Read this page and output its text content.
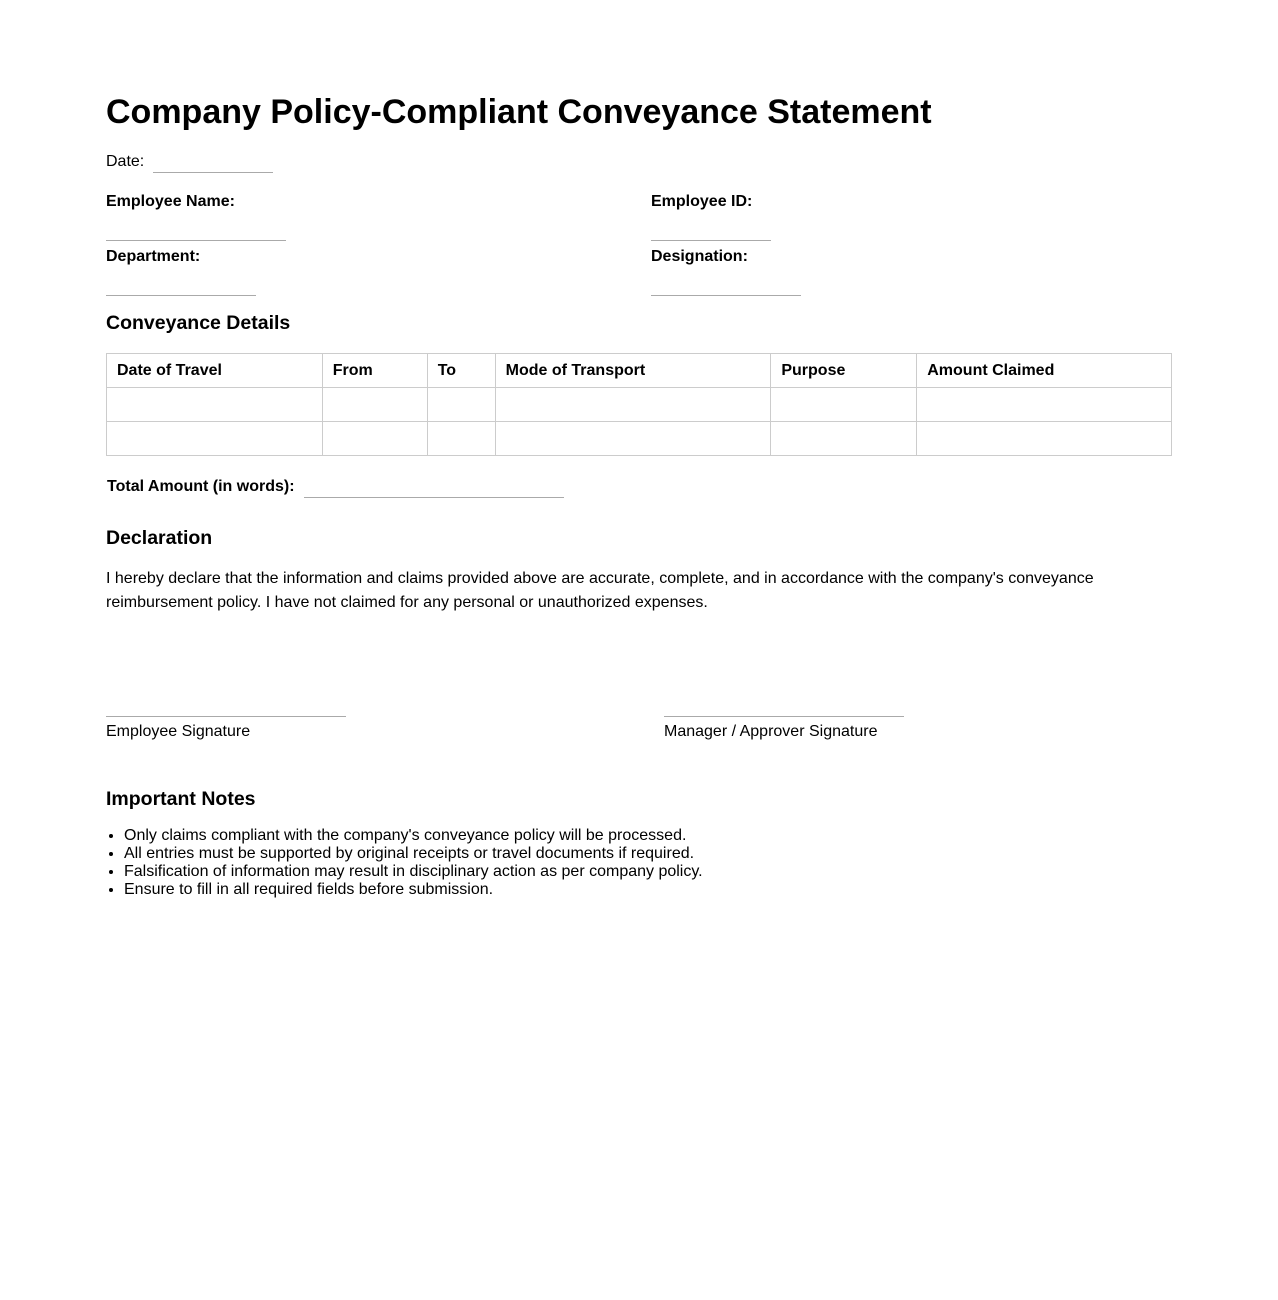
Company Policy-Compliant Conveyance Statement
Date:
Employee Name:	Employee ID:
Department:	Designation:
Conveyance Details
Date of Travel	From	To	Mode of Transport	Purpose	Amount Claimed

Total Amount (in words):
Declaration

I hereby declare that the information and claims provided above are accurate, complete, and in accordance with the company's conveyance reimbursement policy. I have not claimed for any personal or unauthorized expenses.

Employee Signature	Manager / Approver Signature
Important Notes
• Only claims compliant with the company's conveyance policy will be processed.
• All entries must be supported by original receipts or travel documents if required.
• Falsification of information may result in disciplinary action as per company policy.
• Ensure to fill in all required fields before submission.
